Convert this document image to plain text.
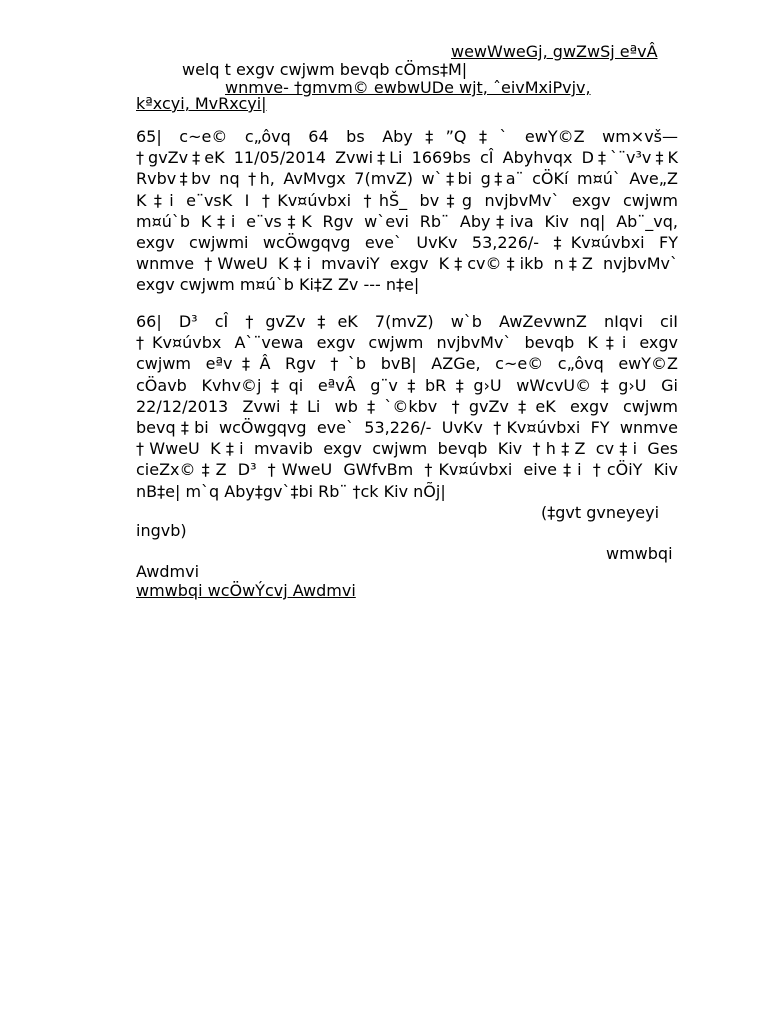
wewWweGj, gwZwSj eªvÂ
welq t exgv cwjwm bevqb cÖms‡M|
wnmve- †gmvm© ewbwUDe wjt, ˆeivMxiPvjv,
kªxcyi, MvRxcyi|
65| c~e© c„ôvq 64 bs Aby‡”Q‡` ewY©Z wm×vš—
†gvZv‡eK 11/05/2014 Zvwi‡Li 1669bs cÎ Abyhvqx D‡`¨v³v‡K
Rvbv‡bv nq †h, AvMvgx 7(mvZ) w`‡bi g‡a¨ cÖKí m¤ú` Ave„Z
K‡i e¨vsK I †Kv¤úvbxi †hŠ_ bv‡g nvjbvMv` exgv cwjwm
m¤ú`b K‡i e¨vs‡K Rgv w`evi Rb¨ Aby‡iva Kiv nq| Ab¨_vq,
exgv cwjwmi wcÖwgqvg eve` UvKv 53,226/- ‡Kv¤úvbxi FY
wnmve †WweU K‡i mvaviY exgv K‡cv©‡ikb n‡Z nvjbvMv`
exgv cwjwm m¤ú`b Ki‡Z Zv --- n‡e|
66| D³ cÎ †gvZv‡eK 7(mvZ) w`b AwZevwnZ nIqvi ciI
†Kv¤úvbx A`¨vewa exgv cwjwm nvjbvMv` bevqb K‡i exgv
cwjwm eªv‡Â Rgv †`b bvB| AZGe, c~e© c„ôvq ewY©Z
cÖavb Kvhv©j‡qi eªvÂ g¨v‡bR‡g›U wWcvU©‡g›U Gi
22/12/2013 Zvwi‡Li wb‡`©kbv †gvZv‡eK exgv cwjwm
bevq‡bi wcÖwgqvg eve` 53,226/- UvKv †Kv¤úvbxi FY wnmve
†WweU K‡i mvavib exgv cwjwm bevqb Kiv †h‡Z cv‡i Ges
cieZx©‡Z D³ †WweU GWfvBm †Kv¤úvbxi eive‡i †cÖiY Kiv
nB‡e| m`q Aby‡gv`‡bi Rb¨ †ck Kiv nÕj|
(‡gvt gvneyeyi
ingvb)
wmwbqi
Awdmvi
wmwbqi wcÖwÝcvj Awdmvi
